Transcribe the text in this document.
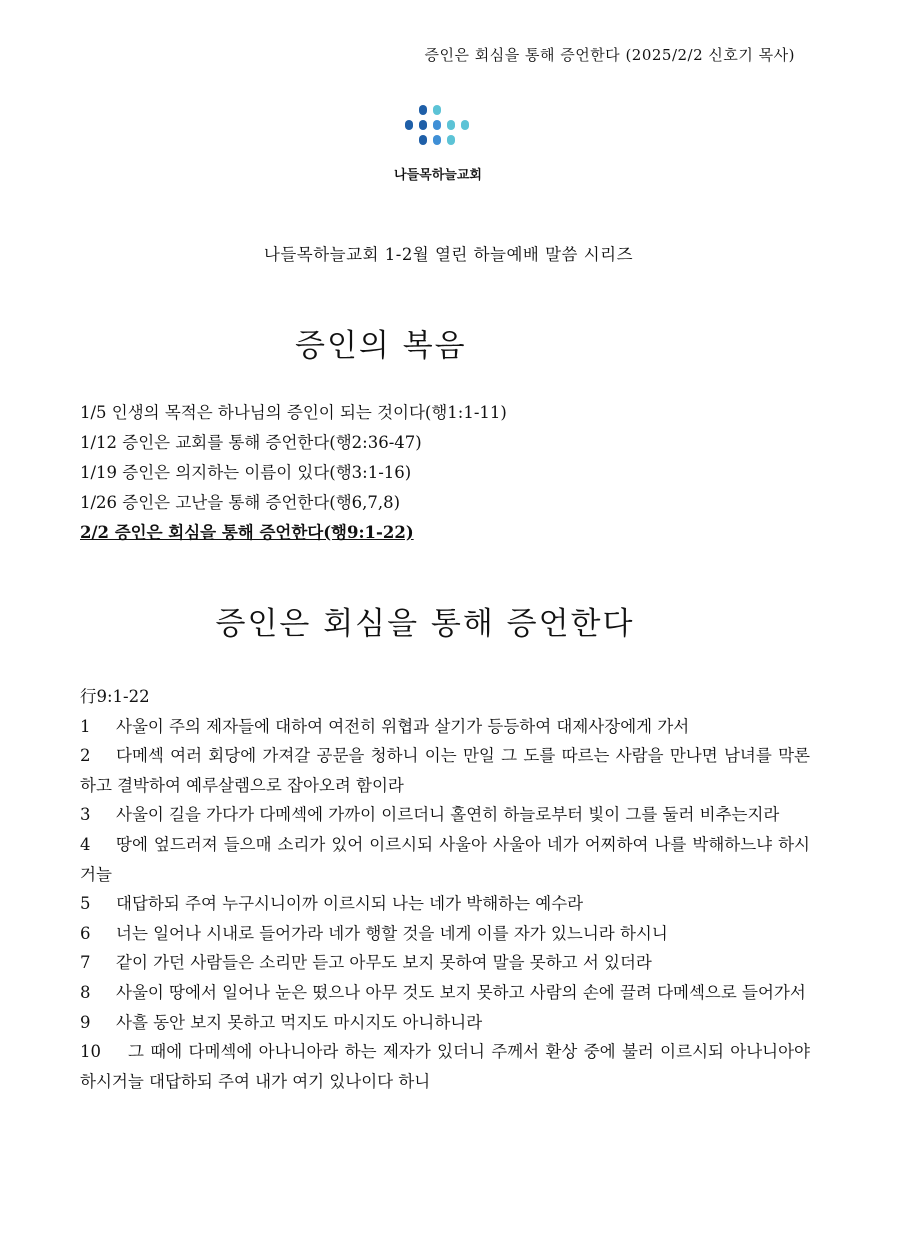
증인은 회심을 통해 증언한다 (2025/2/2 신호기 목사)
나들목하늘교회
나들목하늘교회 1-2월 열린 하늘예배 말씀 시리즈
증인의 복음
1/5 인생의 목적은 하나님의 증인이 되는 것이다(행1:1-11)
1/12 증인은 교회를 통해 증언한다(행2:36-47)
1/19 증인은 의지하는 이름이 있다(행3:1-16)
1/26 증인은 고난을 통해 증언한다(행6,7,8)
2/2 증인은 회심을 통해 증언한다(행9:1-22)
증인은 회심을 통해 증언한다

行9:1-22

1 사울이 주의 제자들에 대하여 여전히 위협과 살기가 등등하여 대제사장에게 가서

2 다메섹 여러 회당에 가져갈 공문을 청하니 이는 만일 그 도를 따르는 사람을 만나면 남녀를 막론하고 결박하여 예루살렘으로 잡아오려 함이라

3 사울이 길을 가다가 다메섹에 가까이 이르더니 홀연히 하늘로부터 빛이 그를 둘러 비추는지라

4 땅에 엎드러져 들으매 소리가 있어 이르시되 사울아 사울아 네가 어찌하여 나를 박해하느냐 하시거늘

5 대답하되 주여 누구시니이까 이르시되 나는 네가 박해하는 예수라

6 너는 일어나 시내로 들어가라 네가 행할 것을 네게 이를 자가 있느니라 하시니

7 같이 가던 사람들은 소리만 듣고 아무도 보지 못하여 말을 못하고 서 있더라

8 사울이 땅에서 일어나 눈은 떴으나 아무 것도 보지 못하고 사람의 손에 끌려 다메섹으로 들어가서

9 사흘 동안 보지 못하고 먹지도 마시지도 아니하니라

10 그 때에 다메섹에 아나니아라 하는 제자가 있더니 주께서 환상 중에 불러 이르시되 아나니아야 하시거늘 대답하되 주여 내가 여기 있나이다 하니
